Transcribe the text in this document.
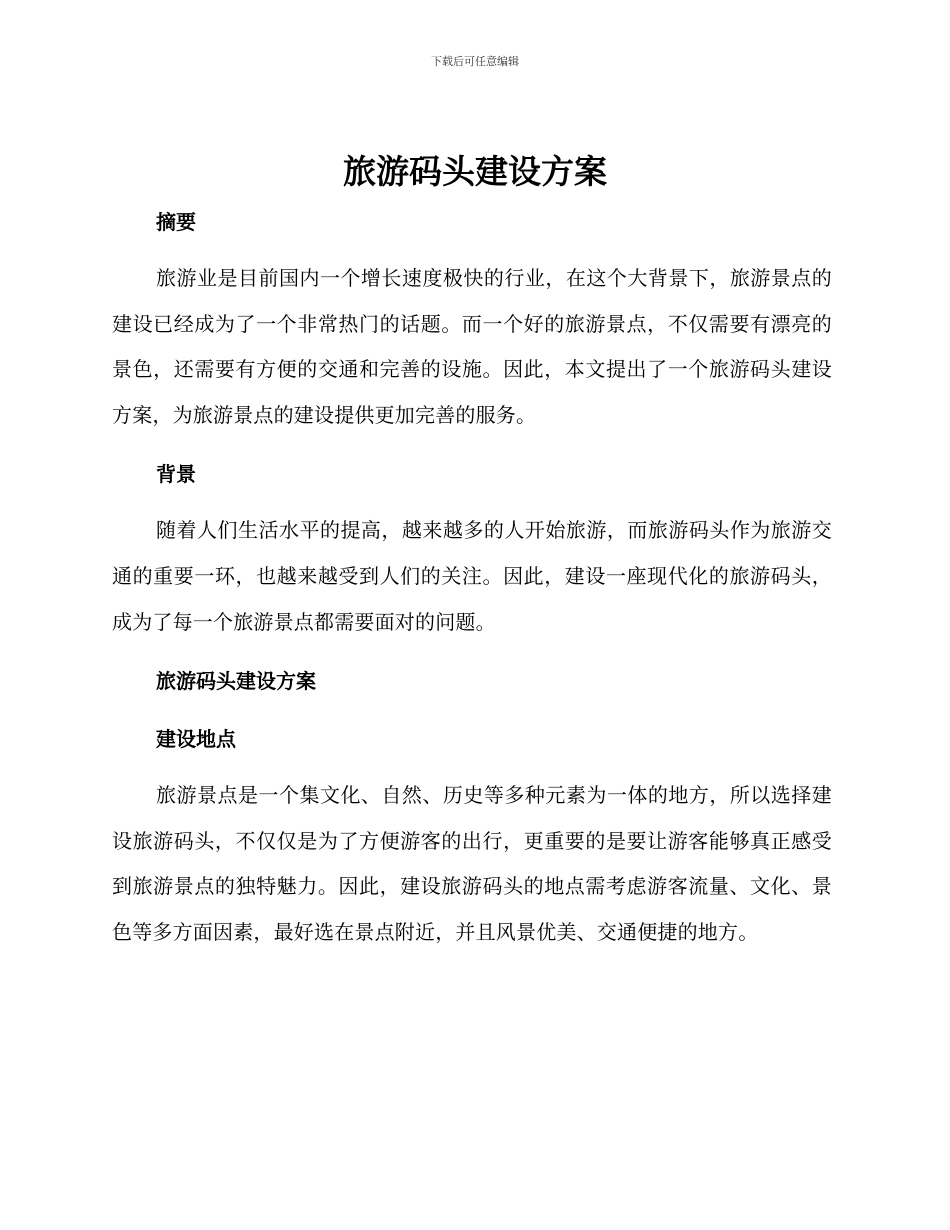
下载后可任意编辑
旅游码头建设方案

摘要

旅游业是目前国内一个增长速度极快的行业，在这个大背景下，旅游景点的建设已经成为了一个非常热门的话题。而一个好的旅游景点，不仅需要有漂亮的景色，还需要有方便的交通和完善的设施。因此，本文提出了一个旅游码头建设方案，为旅游景点的建设提供更加完善的服务。

背景

随着人们生活水平的提高，越来越多的人开始旅游，而旅游码头作为旅游交通的重要一环，也越来越受到人们的关注。因此，建设一座现代化的旅游码头，成为了每一个旅游景点都需要面对的问题。

旅游码头建设方案

建设地点

旅游景点是一个集文化、自然、历史等多种元素为一体的地方，所以选择建设旅游码头，不仅仅是为了方便游客的出行，更重要的是要让游客能够真正感受到旅游景点的独特魅力。因此，建设旅游码头的地点需考虑游客流量、文化、景色等多方面因素，最好选在景点附近，并且风景优美、交通便捷的地方。
